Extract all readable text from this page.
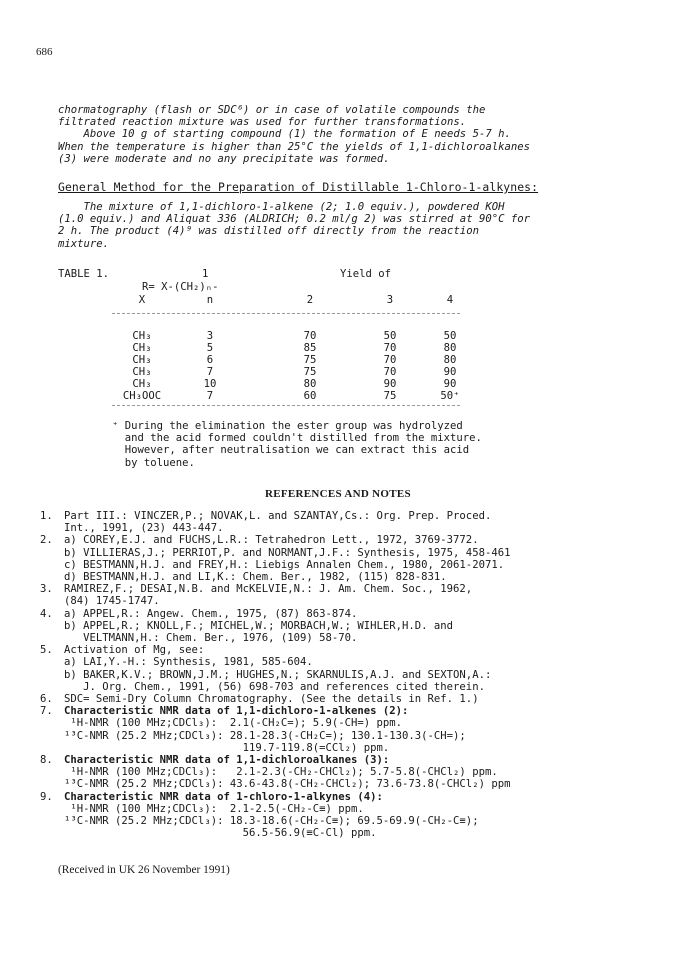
686
chormatography (flash or SDC⁶) or in case of volatile compounds the
filtrated reaction mixture was used for further transformations.
Above 10 g of starting compound (1) the formation of E needs 5-7 h.
When the temperature is higher than 25°C the yields of 1,1-dichloroalkanes
(3) were moderate and no any precipitate was formed.
General Method for the Preparation of Distillable 1-Chloro-1-alkynes:
The mixture of 1,1-dichloro-1-alkene (2; 1.0 equiv.), powdered KOH
(1.0 equiv.) and Aliquat 336 (ALDRICH; 0.2 ml/g 2) was stirred at 90°C for
2 h. The product (4)⁹ was distilled off directly from the reaction
mixture.
TABLE 1.	1	Yield of
R= X-(CH₂)ₙ-
X	n	2	3	4
CH₃	3	70	50	50
CH₃	5	85	70	80
CH₃	6	75	70	80
CH₃	7	75	70	90
CH₃	10	80	90	90
CH₃OOC	7	60	75	50⁺
⁺ During the elimination the ester group was hydrolyzed
and the acid formed couldn't distilled from the mixture.
However, after neutralisation we can extract this acid
by toluene.
REFERENCES AND NOTES
1. Part III.: VINCZER,P.; NOVAK,L. and SZANTAY,Cs.: Org. Prep. Proced.
Int., 1991, (23) 443-447.
2. a) COREY,E.J. and FUCHS,L.R.: Tetrahedron Lett., 1972, 3769-3772.
b) VILLIERAS,J.; PERRIOT,P. and NORMANT,J.F.: Synthesis, 1975, 458-461
c) BESTMANN,H.J. and FREY,H.: Liebigs Annalen Chem., 1980, 2061-2071.
d) BESTMANN,H.J. and LI,K.: Chem. Ber., 1982, (115) 828-831.
3. RAMIREZ,F.; DESAI,N.B. and McKELVIE,N.: J. Am. Chem. Soc., 1962,
(84) 1745-1747.
4. a) APPEL,R.: Angew. Chem., 1975, (87) 863-874.
b) APPEL,R.; KNOLL,F.; MICHEL,W.; MORBACH,W.; WIHLER,H.D. and
VELTMANN,H.: Chem. Ber., 1976, (109) 58-70.
5. Activation of Mg, see:
a) LAI,Y.-H.: Synthesis, 1981, 585-604.
b) BAKER,K.V.; BROWN,J.M.; HUGHES,N.; SKARNULIS,A.J. and SEXTON,A.:
J. Org. Chem., 1991, (56) 698-703 and references cited therein.
6. SDC= Semi-Dry Column Chromatography. (See the details in Ref. 1.)
7. Characteristic NMR data of 1,1-dichloro-1-alkenes (2):
¹H-NMR (100 MHz;CDCl₃):  2.1(-CH₂C=); 5.9(-CH=) ppm.
¹³C-NMR (25.2 MHz;CDCl₃): 28.1-28.3(-CH₂C=); 130.1-130.3(-CH=);
119.7-119.8(=CCl₂) ppm.
8. Characteristic NMR data of 1,1-dichloroalkanes (3):
¹H-NMR (100 MHz;CDCl₃):   2.1-2.3(-CH₂-CHCl₂); 5.7-5.8(-CHCl₂) ppm.
¹³C-NMR (25.2 MHz;CDCl₃): 43.6-43.8(-CH₂-CHCl₂); 73.6-73.8(-CHCl₂) ppm
9. Characteristic NMR data of 1-chloro-1-alkynes (4):
¹H-NMR (100 MHz;CDCl₃):  2.1-2.5(-CH₂-C≡) ppm.
¹³C-NMR (25.2 MHz;CDCl₃): 18.3-18.6(-CH₂-C≡); 69.5-69.9(-CH₂-C≡);
56.5-56.9(≡C-Cl) ppm.
(Received in UK 26 November 1991)
